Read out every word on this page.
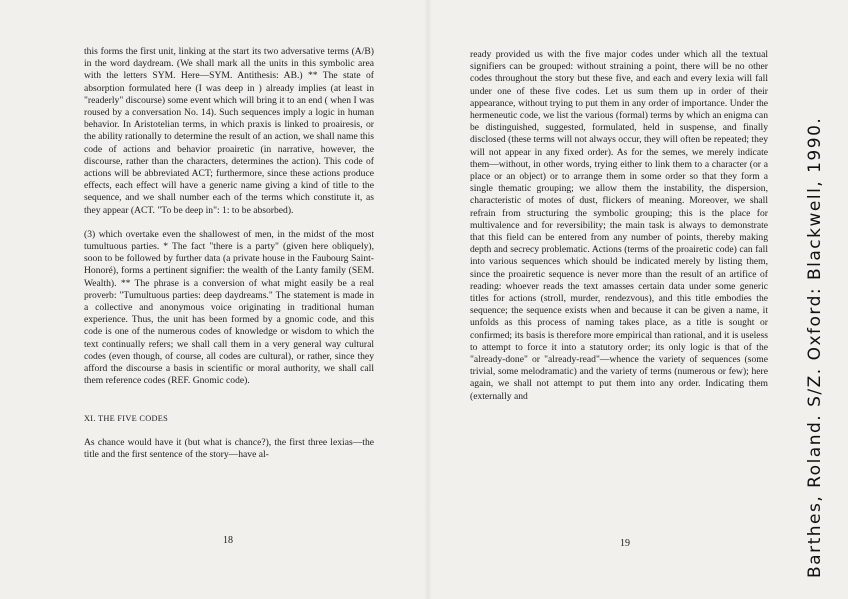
this forms the first unit, linking at the start its two adversative terms (A/B) in the word daydream. (We shall mark all the units in this symbolic area with the letters SYM. Here—SYM. Antithesis: AB.) ** The state of absorption formulated here (I was deep in ) already implies (at least in "readerly" discourse) some event which will bring it to an end ( when I was roused by a conversation No. 14). Such sequences imply a logic in human behavior. In Aristotelian terms, in which praxis is linked to proairesis, or the ability rationally to determine the result of an action, we shall name this code of actions and behavior proairetic (in narrative, however, the discourse, rather than the characters, determines the action). This code of actions will be abbreviated ACT; furthermore, since these actions produce effects, each effect will have a generic name giving a kind of title to the sequence, and we shall number each of the terms which constitute it, as they appear (ACT. "To be deep in": 1: to be absorbed).

(3) which overtake even the shallowest of men, in the midst of the most tumultuous parties. * The fact "there is a party" (given here obliquely), soon to be followed by further data (a private house in the Faubourg Saint-Honoré), forms a pertinent signifier: the wealth of the Lanty family (SEM. Wealth). ** The phrase is a conversion of what might easily be a real proverb: "Tumultuous parties: deep daydreams." The statement is made in a collective and anonymous voice originating in traditional human experience. Thus, the unit has been formed by a gnomic code, and this code is one of the numerous codes of knowledge or wisdom to which the text continually refers; we shall call them in a very general way cultural codes (even though, of course, all codes are cultural), or rather, since they afford the discourse a basis in scientific or moral authority, we shall call them reference codes (REF. Gnomic code).

XI. THE FIVE CODES

As chance would have it (but what is chance?), the first three lexias—the title and the first sentence of the story—have al-

18

ready provided us with the five major codes under which all the textual signifiers can be grouped: without straining a point, there will be no other codes throughout the story but these five, and each and every lexia will fall under one of these five codes. Let us sum them up in order of their appearance, without trying to put them in any order of importance. Under the hermeneutic code, we list the various (formal) terms by which an enigma can be distinguished, suggested, formulated, held in suspense, and finally disclosed (these terms will not always occur, they will often be repeated; they will not appear in any fixed order). As for the semes, we merely indicate them—without, in other words, trying either to link them to a character (or a place or an object) or to arrange them in some order so that they form a single thematic grouping; we allow them the instability, the dispersion, characteristic of motes of dust, flickers of meaning. Moreover, we shall refrain from structuring the symbolic grouping; this is the place for multivalence and for reversibility; the main task is always to demonstrate that this field can be entered from any number of points, thereby making depth and secrecy problematic. Actions (terms of the proairetic code) can fall into various sequences which should be indicated merely by listing them, since the proairetic sequence is never more than the result of an artifice of reading: whoever reads the text amasses certain data under some generic titles for actions (stroll, murder, rendezvous), and this title embodies the sequence; the sequence exists when and because it can be given a name, it unfolds as this process of naming takes place, as a title is sought or confirmed; its basis is therefore more empirical than rational, and it is useless to attempt to force it into a statutory order; its only logic is that of the "already-done" or "already-read"—whence the variety of sequences (some trivial, some melodramatic) and the variety of terms (numerous or few); here again, we shall not attempt to put them into any order. Indicating them (externally and

19	Barthes, Roland. S/Z. Oxford: Blackwell, 1990.
